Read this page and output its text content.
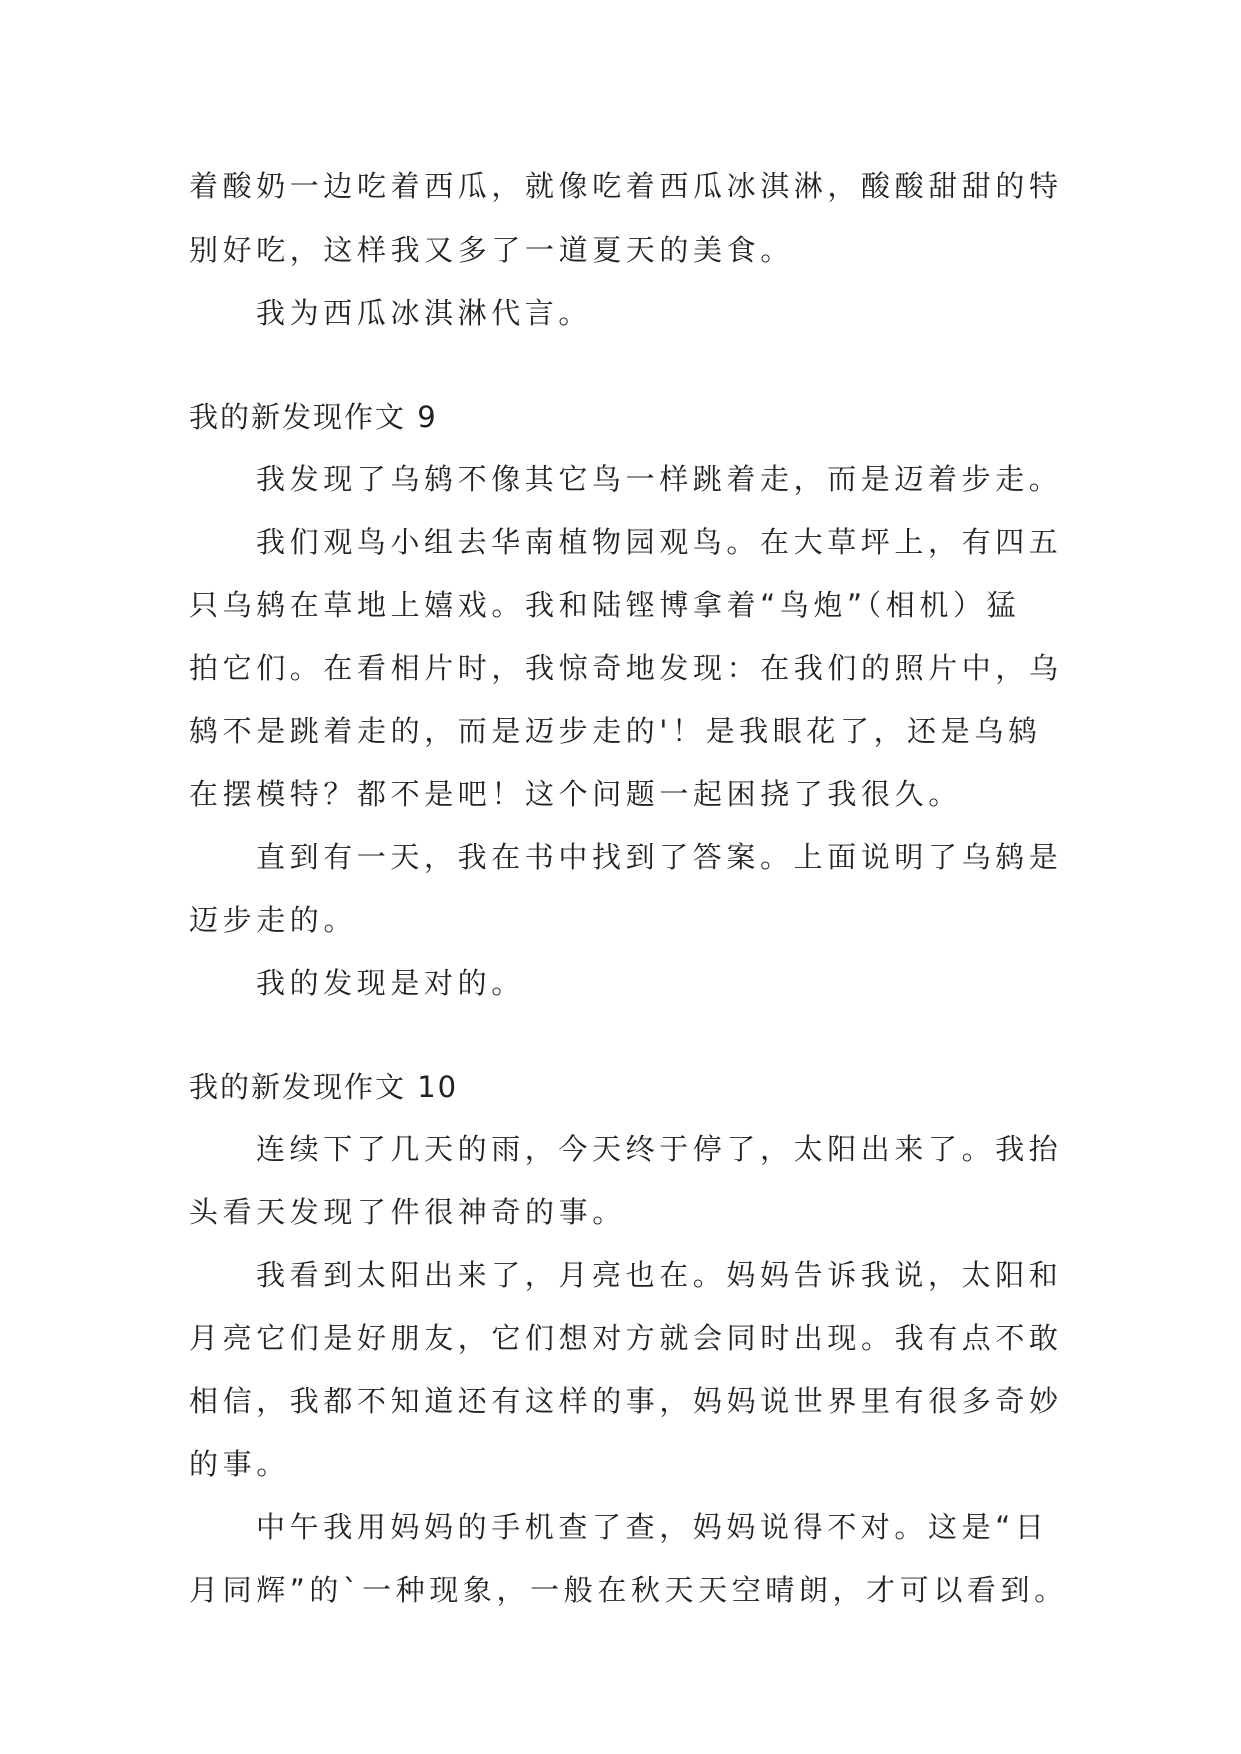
着酸奶一边吃着西瓜，就像吃着西瓜冰淇淋，酸酸甜甜的特
别好吃，这样我又多了一道夏天的美食。
我为西瓜冰淇淋代言。
我的新发现作文 9
我发现了乌鸫不像其它鸟一样跳着走，而是迈着步走。
我们观鸟小组去华南植物园观鸟。在大草坪上，有四五
只乌鸫在草地上嬉戏。我和陆铿博拿着“鸟炮”（相机）猛
拍它们。在看相片时，我惊奇地发现：在我们的照片中，乌
鸫不是跳着走的，而是迈步走的'！是我眼花了，还是乌鸫
在摆模特？都不是吧！这个问题一起困挠了我很久。
直到有一天，我在书中找到了答案。上面说明了乌鸫是
迈步走的。
我的发现是对的。
我的新发现作文 10
连续下了几天的雨，今天终于停了，太阳出来了。我抬
头看天发现了件很神奇的事。
我看到太阳出来了，月亮也在。妈妈告诉我说，太阳和
月亮它们是好朋友，它们想对方就会同时出现。我有点不敢
相信，我都不知道还有这样的事，妈妈说世界里有很多奇妙
的事。
中午我用妈妈的手机查了查，妈妈说得不对。这是“日
月同辉”的`一种现象，一般在秋天天空晴朗，才可以看到。
